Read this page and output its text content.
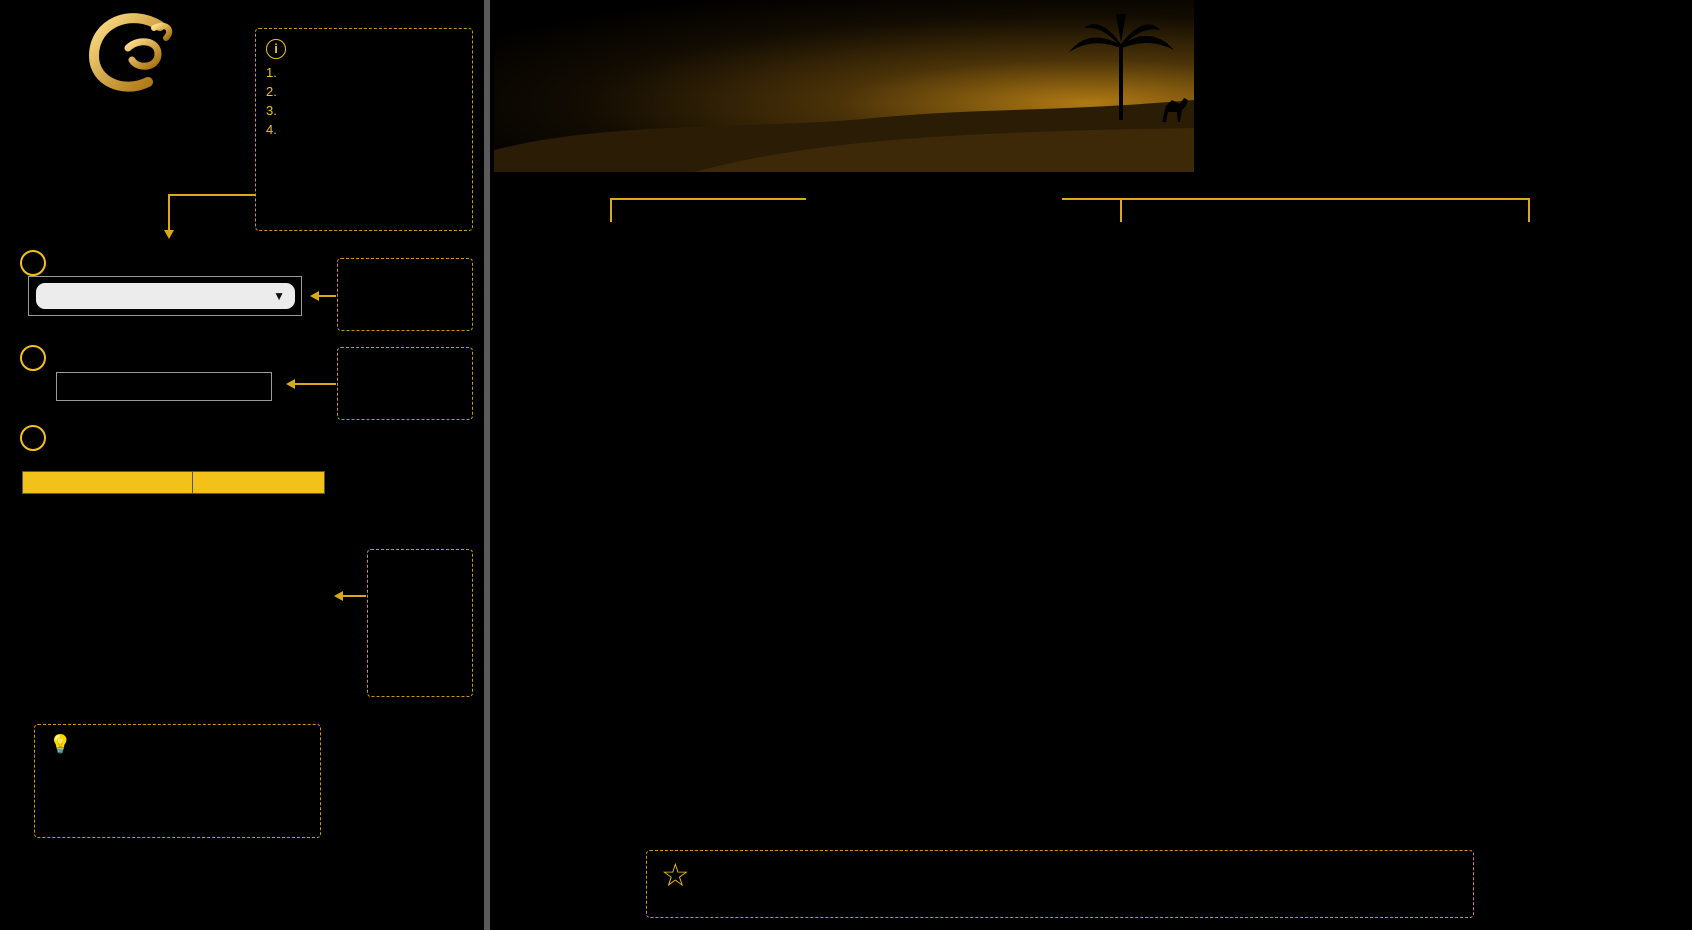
i
1.
2.
3.
4.
▼

💡
☆
